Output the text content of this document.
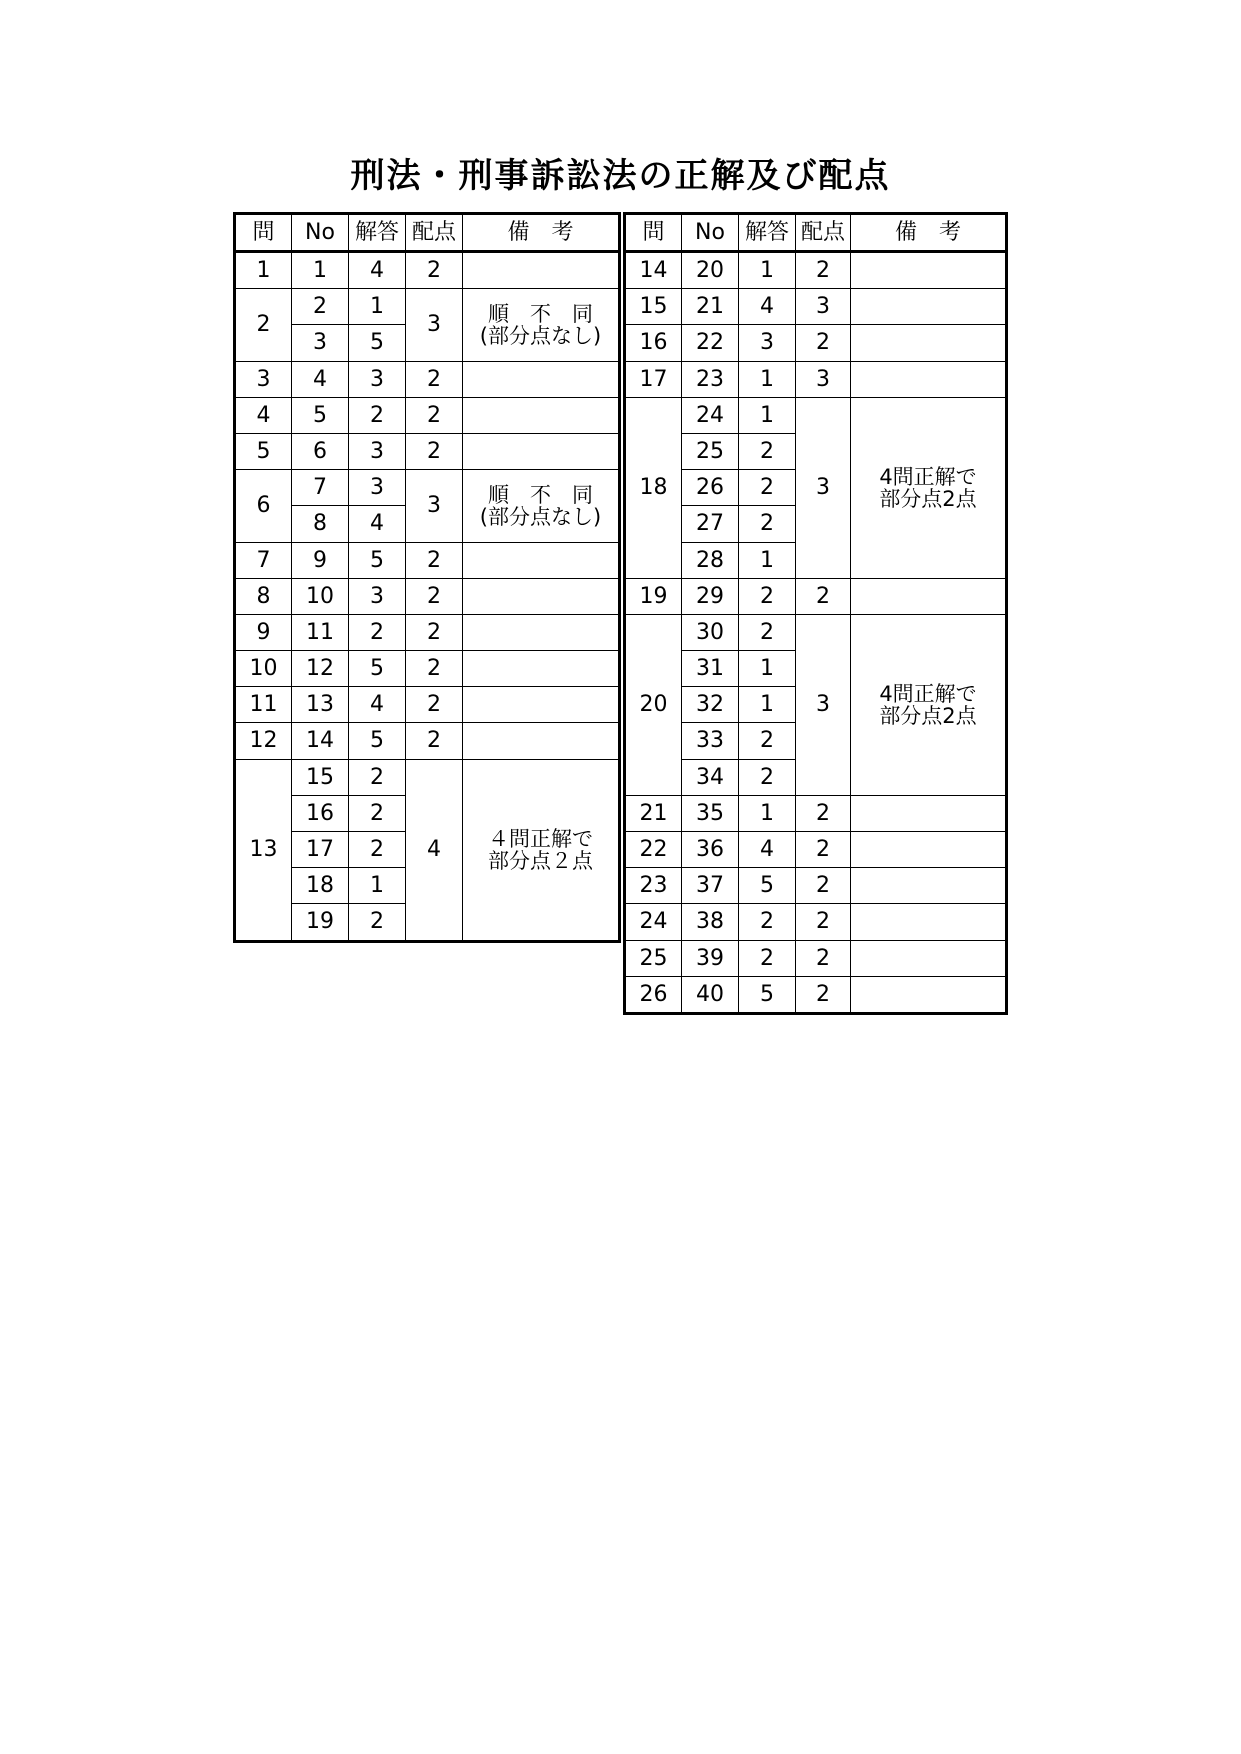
刑法・刑事訴訟法の正解及び配点
問	No	解答	配点	備　考
1	1	4	2	
2	2	1	3	順　不　同
(部分点なし)

	3	5		
3	4	3	2	
4	5	2	2	
5	6	3	2	
6	7	3	3	順　不　同
(部分点なし)

	8	4		
7	9	5	2	
8	10	3	2	
9	11	2	2	
10	12	5	2	
11	13	4	2	
12	14	5	2	
13	15	2	4	４問正解で
部分点２点

	16	2		
	17	2		
	18	1		
	19	2		
問	No	解答	配点	備　考
14	20	1	2	
15	21	4	3	
16	22	3	2	
17	23	1	3	
18	24	1	3	4問正解で
部分点2点

	25	2		
	26	2		
	27	2		
	28	1		
19	29	2	2	
20	30	2	3	4問正解で
部分点2点

	31	1		
	32	1		
	33	2		
	34	2		
21	35	1	2	
22	36	4	2	
23	37	5	2	
24	38	2	2	
25	39	2	2	
26	40	5	2	
